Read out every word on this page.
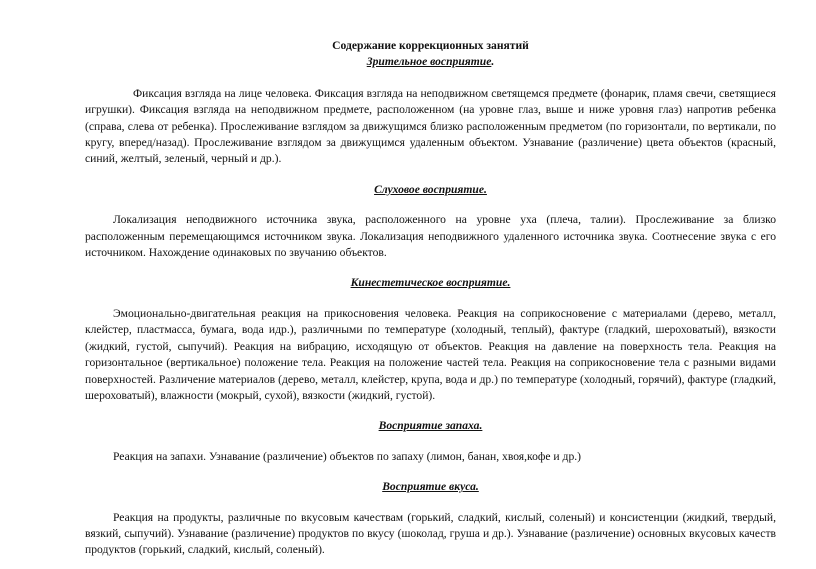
Содержание коррекционных занятий

Зрительное восприятие.

Фиксация взгляда на лице человека. Фиксация взгляда на неподвижном светящемся предмете (фонарик, пламя свечи, светящиеся игрушки). Фиксация взгляда на неподвижном предмете, расположенном (на уровне глаз, выше и ниже уровня глаз) напротив ребенка (справа, слева от ребенка). Прослеживание взглядом за движущимся близко расположенным предметом (по горизонтали, по вертикали, по кругу, вперед/назад). Прослеживание взглядом за движущимся удаленным объектом. Узнавание (различение) цвета объектов (красный, синий, желтый, зеленый, черный и др.).

Слуховое восприятие.

Локализация неподвижного источника звука, расположенного на уровне уха (плеча, талии). Прослеживание за близко расположенным перемещающимся источником звука. Локализация неподвижного удаленного источника звука. Соотнесение звука с его источником. Нахождение одинаковых по звучанию объектов.

Кинестетическое восприятие.

Эмоционально-двигательная реакция на прикосновения человека. Реакция на соприкосновение с материалами (дерево, металл, клейстер, пластмасса, бумага, вода идр.), различными по температуре (холодный, теплый), фактуре (гладкий, шероховатый), вязкости (жидкий, густой, сыпучий). Реакция на вибрацию, исходящую от объектов. Реакция на давление на поверхность тела. Реакция на горизонтальное (вертикальное) положение тела. Реакция на положение частей тела. Реакция на соприкосновение тела с разными видами поверхностей. Различение материалов (дерево, металл, клейстер, крупа, вода и др.) по температуре (холодный, горячий), фактуре (гладкий, шероховатый), влажности (мокрый, сухой), вязкости (жидкий, густой).

Восприятие запаха.

Реакция на запахи. Узнавание (различение) объектов по запаху (лимон, банан, хвоя,кофе и др.)

Восприятие вкуса.

Реакция на продукты, различные по вкусовым качествам (горький, сладкий, кислый, соленый) и консистенции (жидкий, твердый, вязкий, сыпучий). Узнавание (различение) продуктов по вкусу (шоколад, груша и др.). Узнавание (различение) основных вкусовых качеств продуктов (горький, сладкий, кислый, соленый).
